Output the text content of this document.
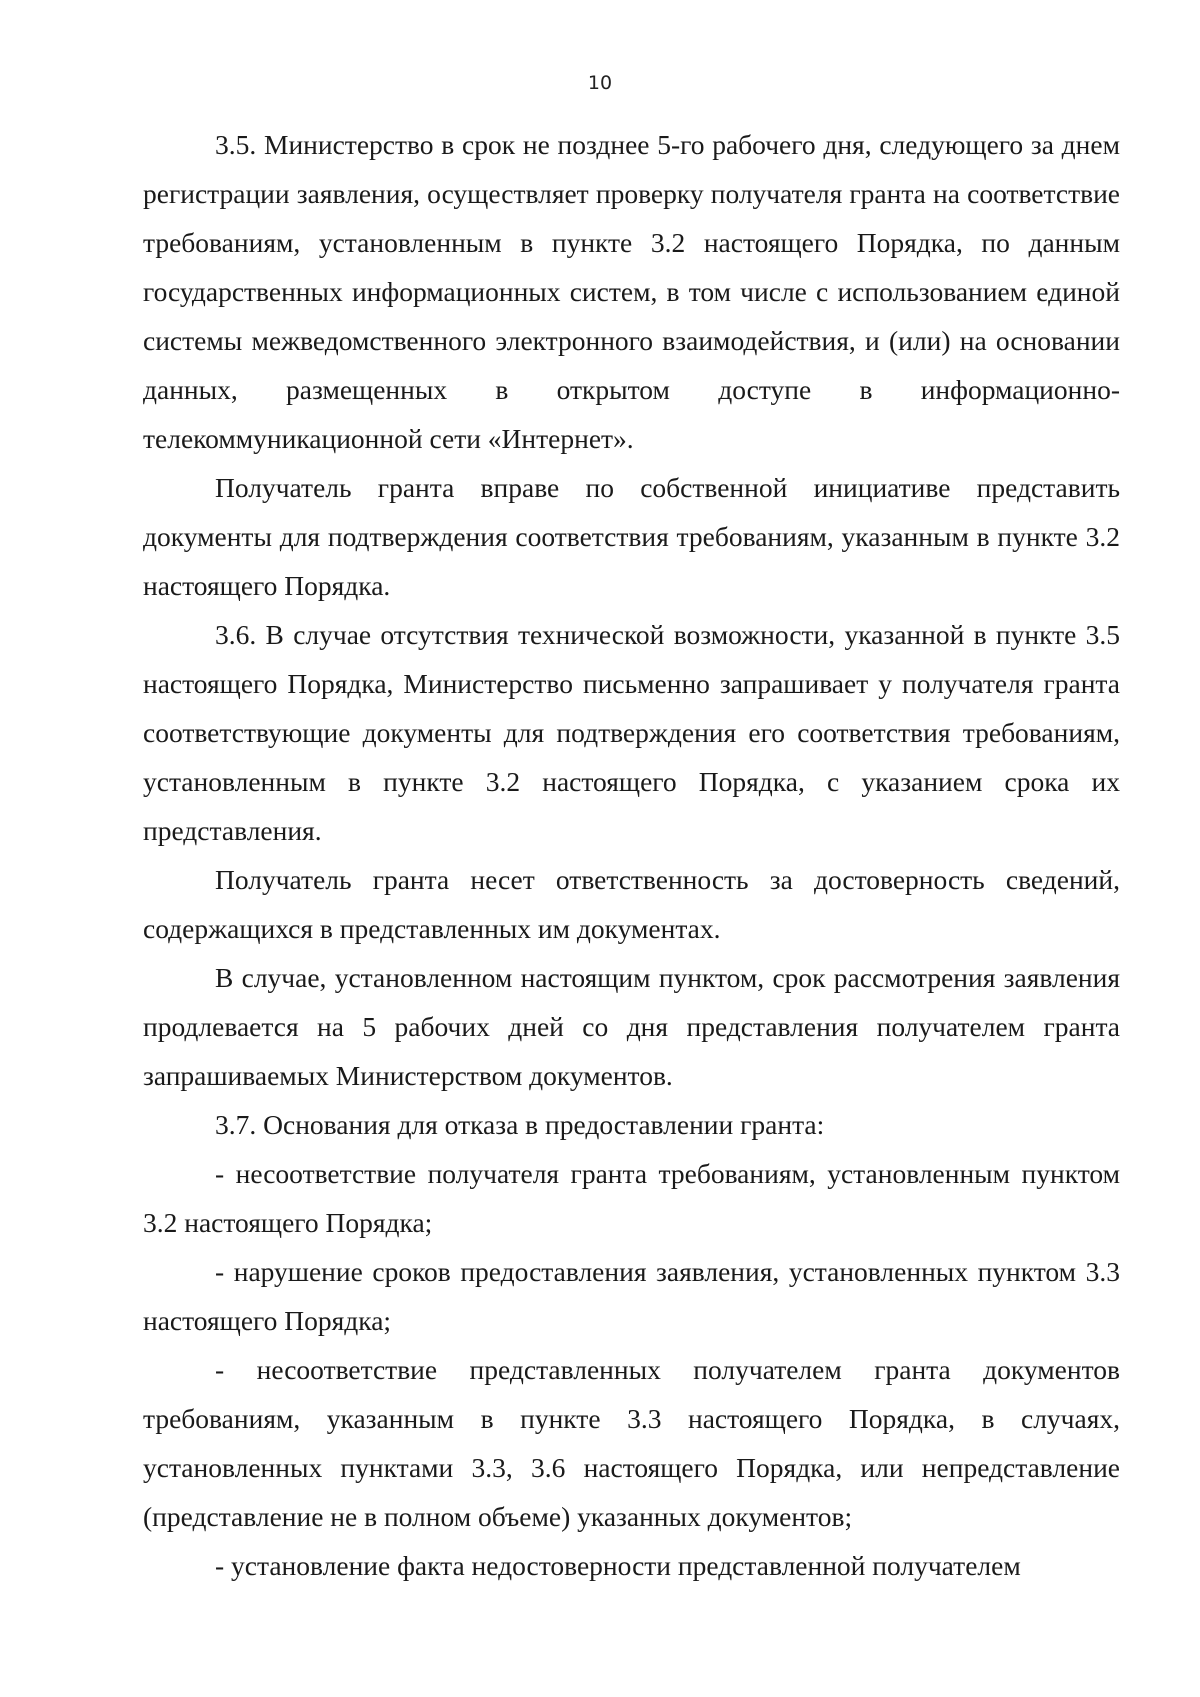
10

3.5. Министерство в срок не позднее 5-го рабочего дня, следующего за днем регистрации заявления, осуществляет проверку получателя гранта на соответствие требованиям, установленным в пункте 3.2 настоящего Порядка, по данным государственных информационных систем, в том числе с использованием единой системы межведомственного электронного взаимодействия, и (или) на основании данных, размещенных в открытом доступе в информационно-телекоммуникационной сети «Интернет».

Получатель гранта вправе по собственной инициативе представить документы для подтверждения соответствия требованиям, указанным в пункте 3.2 настоящего Порядка.

3.6. В случае отсутствия технической возможности, указанной в пункте 3.5 настоящего Порядка, Министерство письменно запрашивает у получателя гранта соответствующие документы для подтверждения его соответствия требованиям, установленным в пункте 3.2 настоящего Порядка, с указанием срока их представления.

Получатель гранта несет ответственность за достоверность сведений, содержащихся в представленных им документах.

В случае, установленном настоящим пунктом, срок рассмотрения заявления продлевается на 5 рабочих дней со дня представления получателем гранта запрашиваемых Министерством документов.

3.7. Основания для отказа в предоставлении гранта:

- несоответствие получателя гранта требованиям, установленным пунктом 3.2 настоящего Порядка;

- нарушение сроков предоставления заявления, установленных пунктом 3.3 настоящего Порядка;

- несоответствие представленных получателем гранта документов требованиям, указанным в пункте 3.3 настоящего Порядка, в случаях, установленных пунктами 3.3, 3.6 настоящего Порядка, или непредставление (представление не в полном объеме) указанных документов;

- установление факта недостоверности представленной получателем
